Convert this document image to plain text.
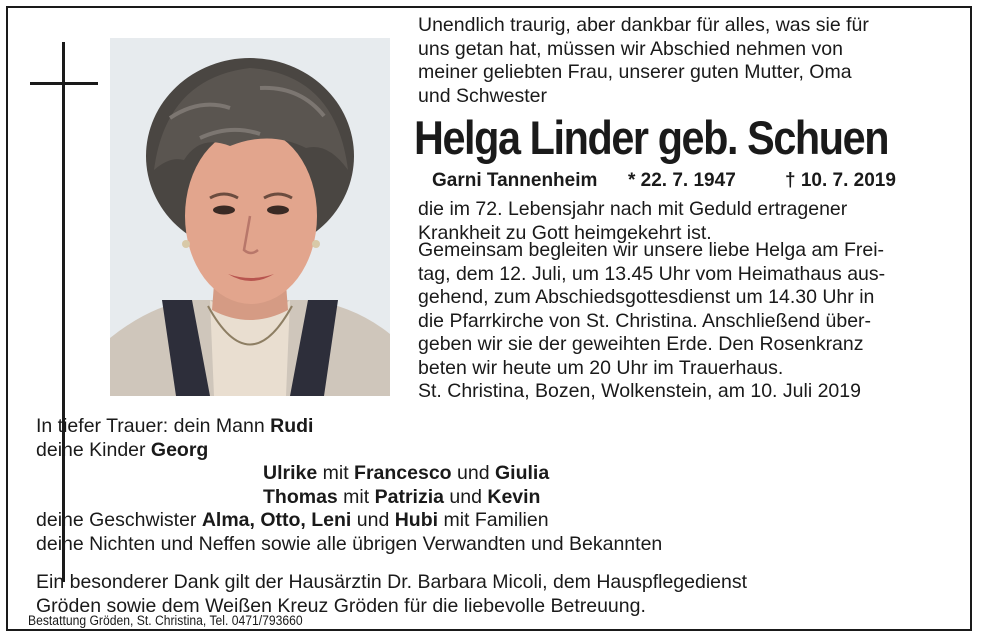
Unendlich traurig, aber dankbar für alles, was sie für
uns getan hat, müssen wir Abschied nehmen von
meiner geliebten Frau, unserer guten Mutter, Oma
und Schwester
Helga Linder geb. Schuen
Garni Tannenheim * 22. 7. 1947	† 10. 7. 2019
die im 72. Lebensjahr nach mit Geduld ertragener
Krankheit zu Gott heimgekehrt ist.
Gemeinsam begleiten wir unsere liebe Helga am Frei-
tag, dem 12. Juli, um 13.45 Uhr vom Heimathaus aus-
gehend, zum Abschiedsgottesdienst um 14.30 Uhr in
die Pfarrkirche von St. Christina. Anschließend über-
geben wir sie der geweihten Erde. Den Rosenkranz
beten wir heute um 20 Uhr im Trauerhaus.
St. Christina, Bozen, Wolkenstein, am 10. Juli 2019
In tiefer Trauer: dein Mann Rudi
deine Kinder Georg
Ulrike mit Francesco und Giulia
Thomas mit Patrizia und Kevin
deine Geschwister Alma, Otto, Leni und Hubi mit Familien
deine Nichten und Neffen sowie alle übrigen Verwandten und Bekannten
Ein besonderer Dank gilt der Hausärztin Dr. Barbara Micoli, dem Hauspflegedienst
Gröden sowie dem Weißen Kreuz Gröden für die liebevolle Betreuung.
Bestattung Gröden, St. Christina, Tel. 0471/793660
